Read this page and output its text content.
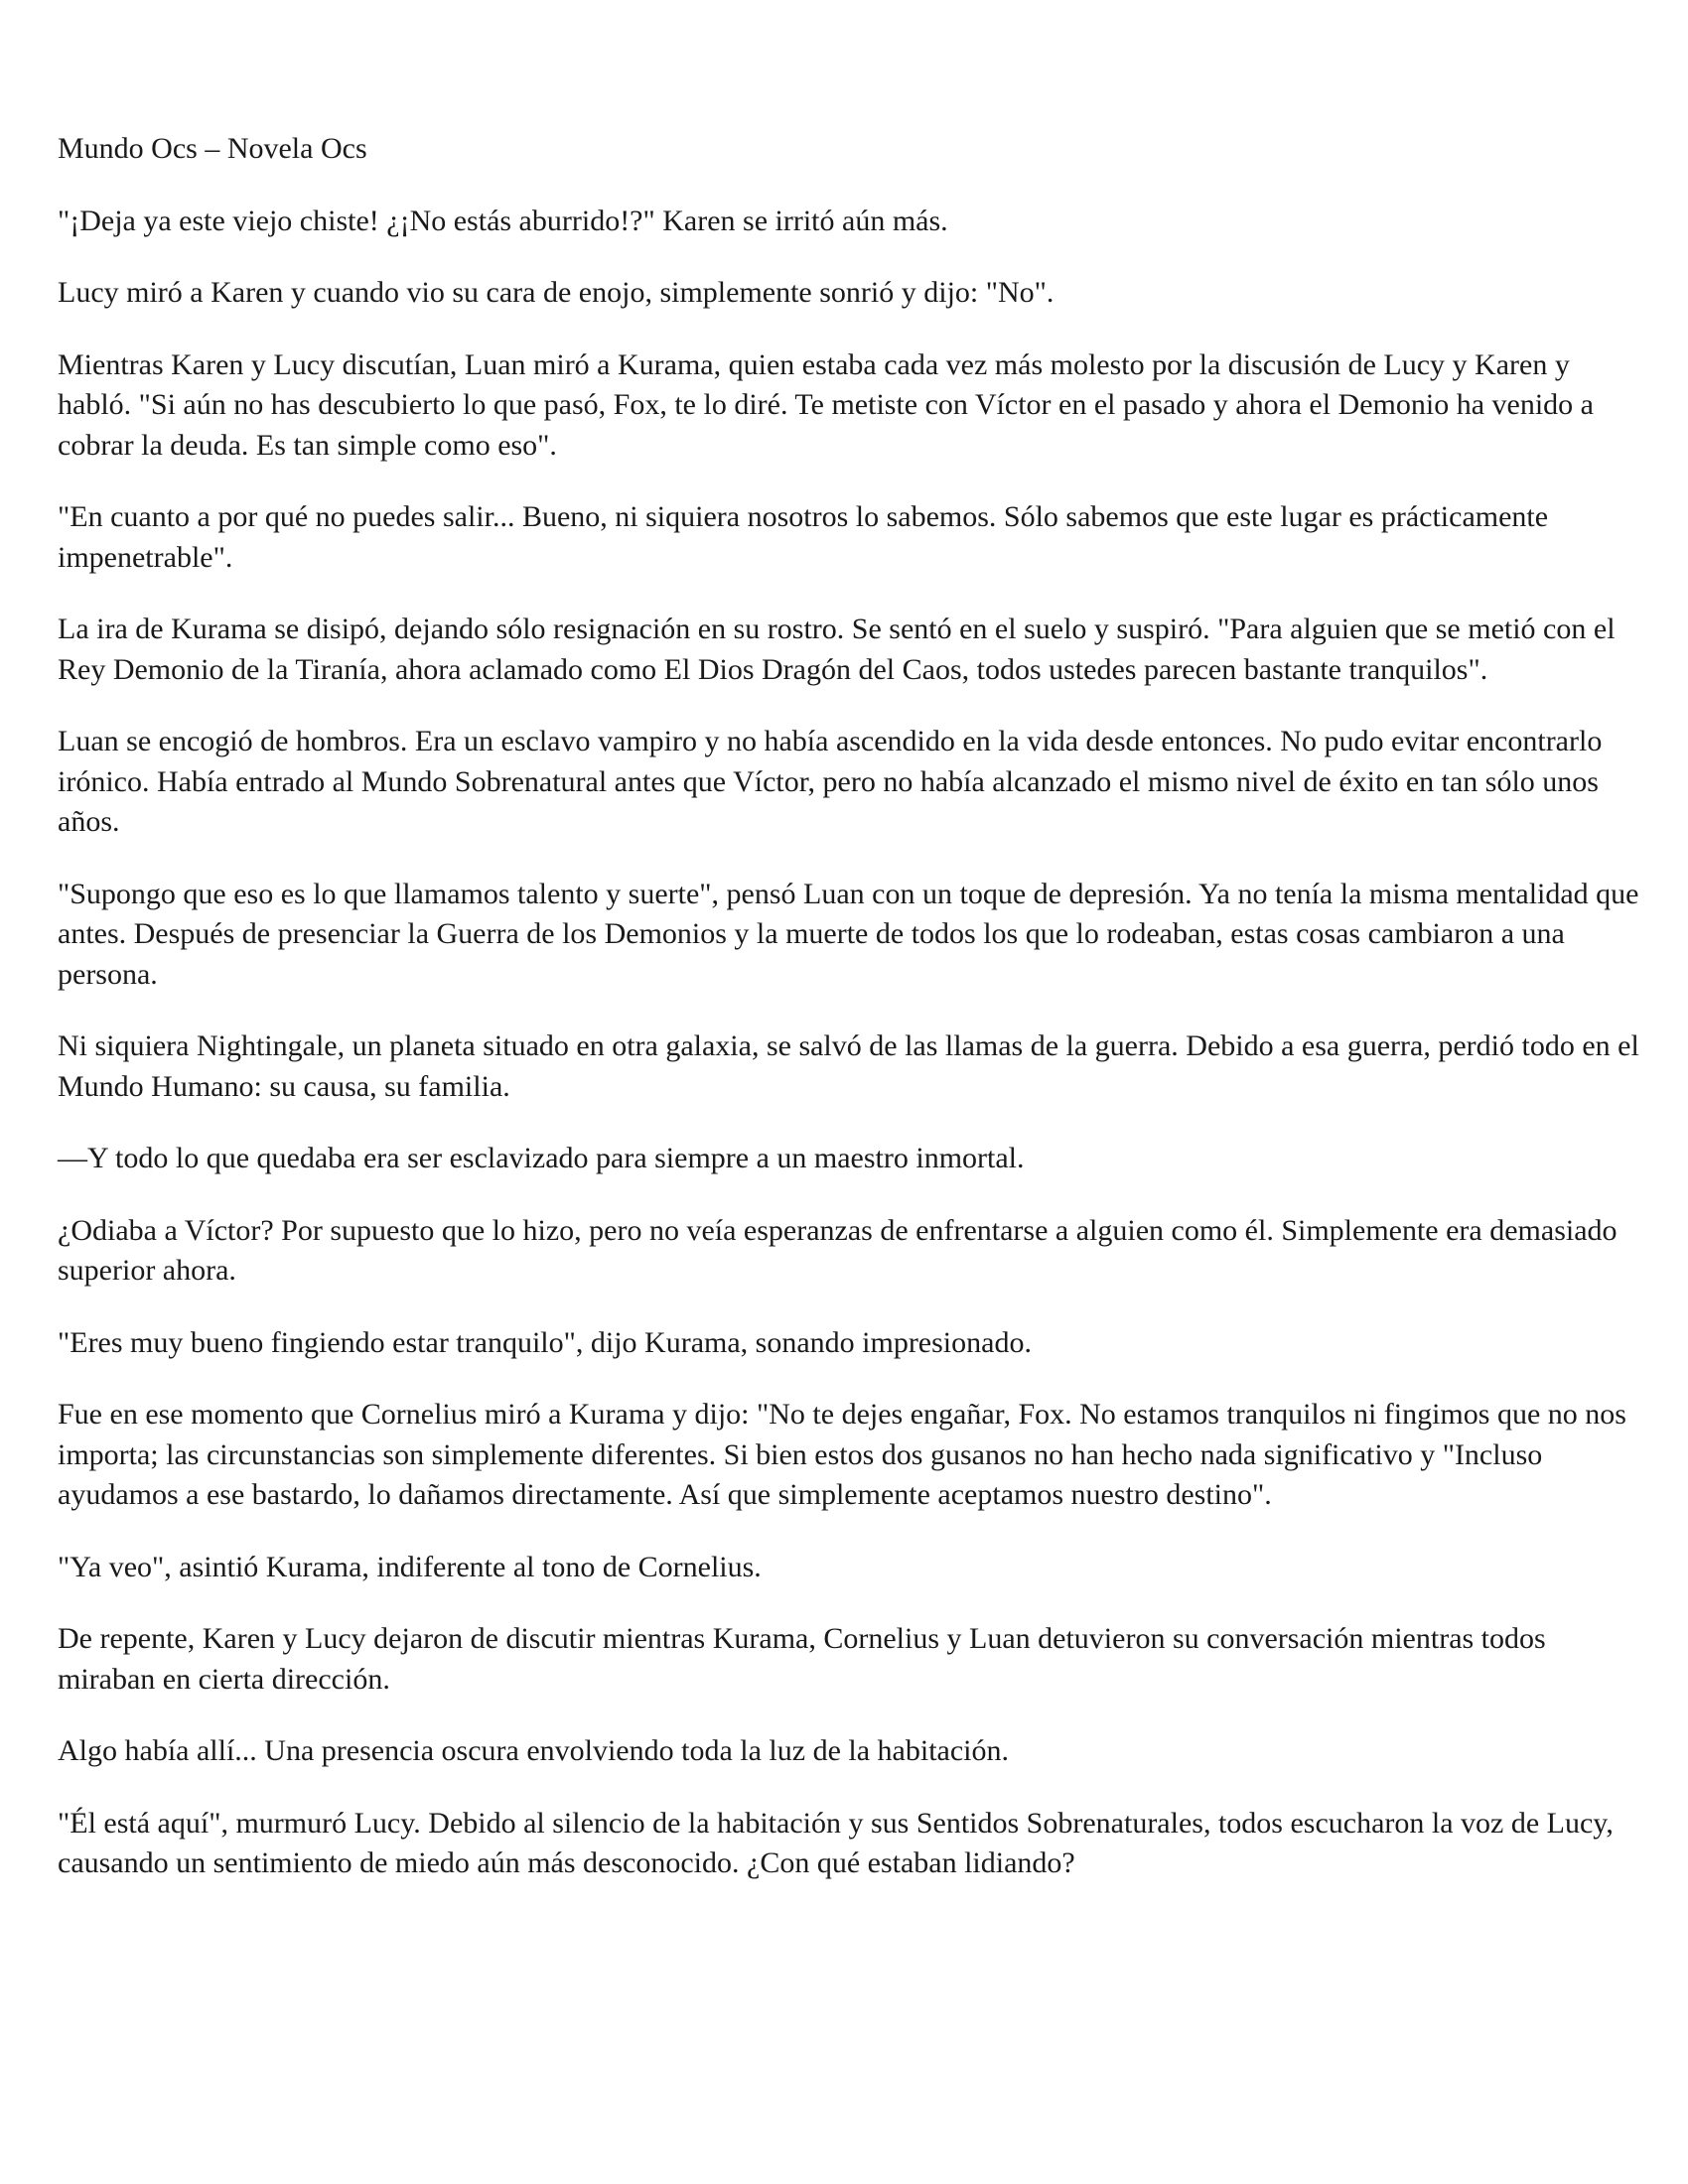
Mundo Ocs – Novela Ocs

"¡Deja ya este viejo chiste! ¿¡No estás aburrido!?" Karen se irritó aún más.

Lucy miró a Karen y cuando vio su cara de enojo, simplemente sonrió y dijo: "No".

Mientras Karen y Lucy discutían, Luan miró a Kurama, quien estaba cada vez más molesto por la discusión de Lucy y Karen y habló. "Si aún no has descubierto lo que pasó, Fox, te lo diré. Te metiste con Víctor en el pasado y ahora el Demonio ha venido a cobrar la deuda. Es tan simple como eso".

"En cuanto a por qué no puedes salir... Bueno, ni siquiera nosotros lo sabemos. Sólo sabemos que este lugar es prácticamente impenetrable".

La ira de Kurama se disipó, dejando sólo resignación en su rostro. Se sentó en el suelo y suspiró. "Para alguien que se metió con el Rey Demonio de la Tiranía, ahora aclamado como El Dios Dragón del Caos, todos ustedes parecen bastante tranquilos".

Luan se encogió de hombros. Era un esclavo vampiro y no había ascendido en la vida desde entonces. No pudo evitar encontrarlo irónico. Había entrado al Mundo Sobrenatural antes que Víctor, pero no había alcanzado el mismo nivel de éxito en tan sólo unos años.

"Supongo que eso es lo que llamamos talento y suerte", pensó Luan con un toque de depresión. Ya no tenía la misma mentalidad que antes. Después de presenciar la Guerra de los Demonios y la muerte de todos los que lo rodeaban, estas cosas cambiaron a una persona.

Ni siquiera Nightingale, un planeta situado en otra galaxia, se salvó de las llamas de la guerra. Debido a esa guerra, perdió todo en el Mundo Humano: su causa, su familia.

—Y todo lo que quedaba era ser esclavizado para siempre a un maestro inmortal.

¿Odiaba a Víctor? Por supuesto que lo hizo, pero no veía esperanzas de enfrentarse a alguien como él. Simplemente era demasiado superior ahora.

"Eres muy bueno fingiendo estar tranquilo", dijo Kurama, sonando impresionado.

Fue en ese momento que Cornelius miró a Kurama y dijo: "No te dejes engañar, Fox. No estamos tranquilos ni fingimos que no nos importa; las circunstancias son simplemente diferentes. Si bien estos dos gusanos no han hecho nada significativo y "Incluso ayudamos a ese bastardo, lo dañamos directamente. Así que simplemente aceptamos nuestro destino".

"Ya veo", asintió Kurama, indiferente al tono de Cornelius.

De repente, Karen y Lucy dejaron de discutir mientras Kurama, Cornelius y Luan detuvieron su conversación mientras todos miraban en cierta dirección.

Algo había allí... Una presencia oscura envolviendo toda la luz de la habitación.

"Él está aquí", murmuró Lucy. Debido al silencio de la habitación y sus Sentidos Sobrenaturales, todos escucharon la voz de Lucy, causando un sentimiento de miedo aún más desconocido. ¿Con qué estaban lidiando?
